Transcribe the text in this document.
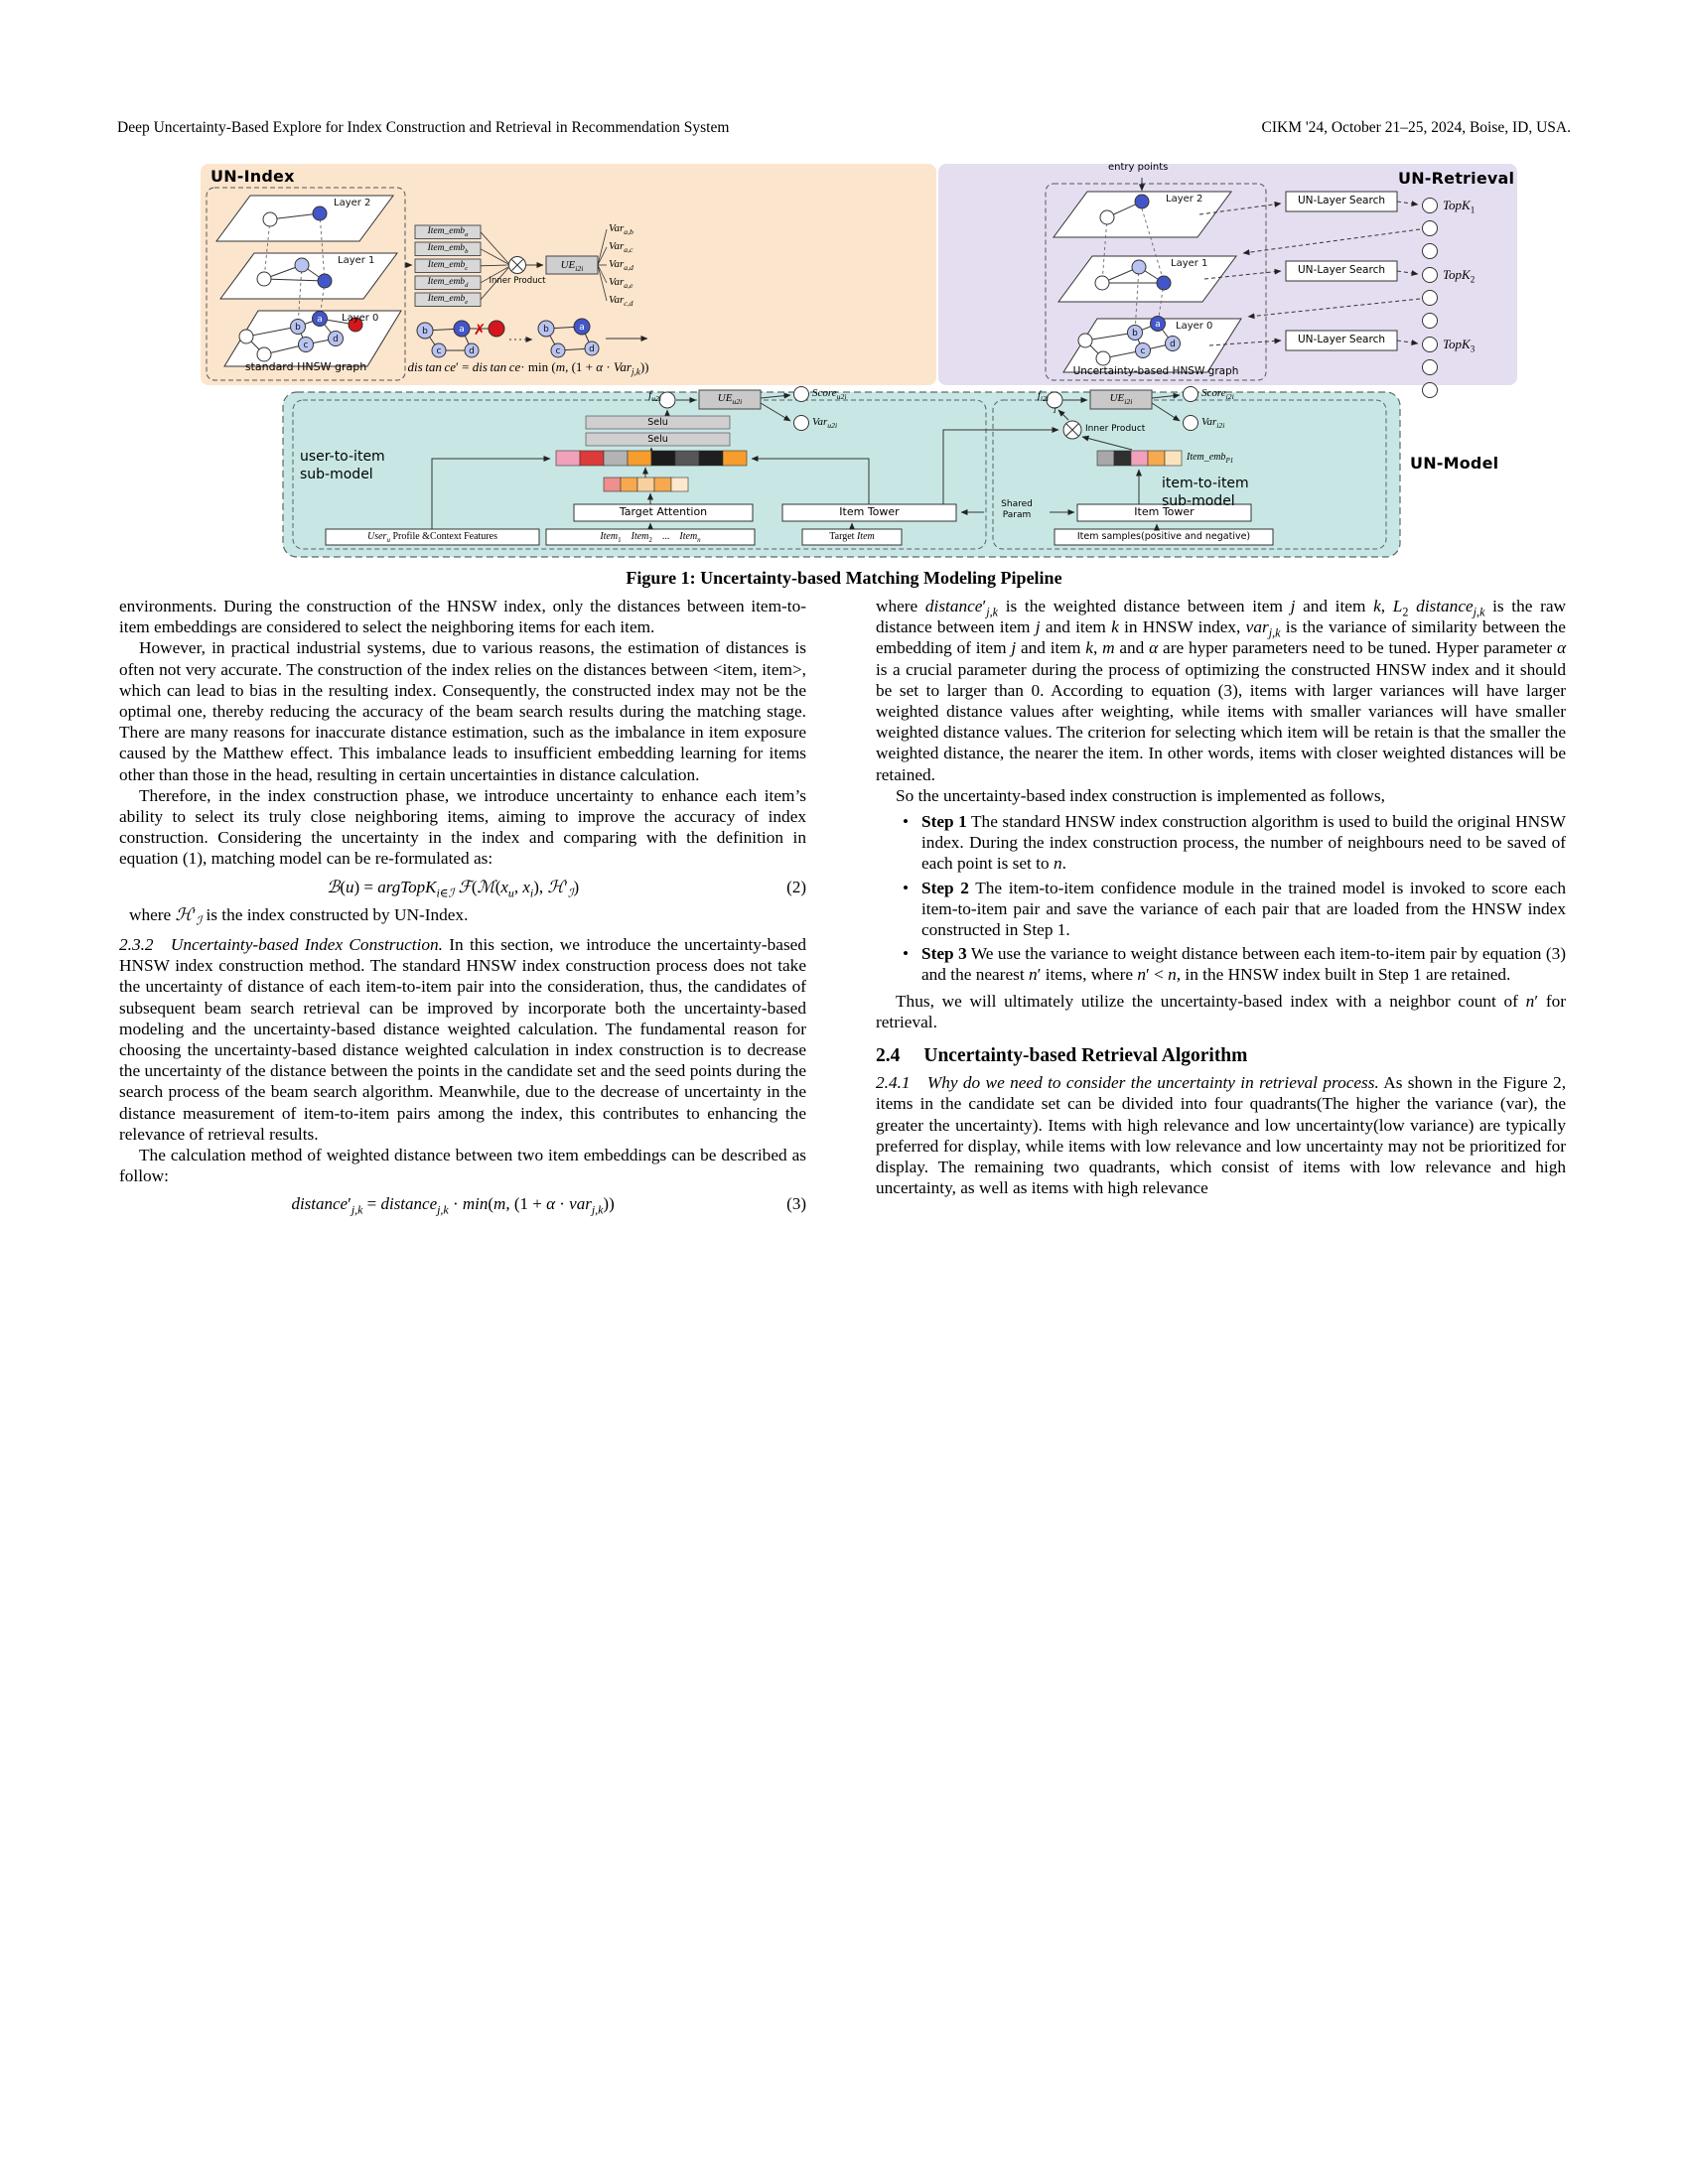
Deep Uncertainty-Based Explore for Index Construction and Retrieval in Recommendation System	CIKM '24, October 21–25, 2024, Boise, ID, USA.
b
a
c
d
b	a
c	d
✗	b	a
c	d
b
a
c
d
UN-Index
Layer 2
Layer 1
Layer 0
standard HNSW graph
Item_emb$_a$
Item_emb$_b$
Item_emb$_c$
Item_emb$_d$
Item_emb$_e$
Inner Product
$UE_{i2i}$
Var$_{a,b}$
Var$_{a,c}$
Var$_{a,d}$
Var$_{a,e}$
Var$_{c,d}$
dis  tan  ce′ = dis  tan  ce· min (m, (1 + α · Var$_{j,k}$))
entry points
UN-Retrieval
Layer 2
Layer 1
Layer 0
UN-Layer Search
UN-Layer Search
UN-Layer Search
TopK$_1$
TopK$_2$
TopK$_3$
Uncertainty-based HNSW graph
user-to-item
sub-model
$f_{u2i}$	$UE_{u2i}$
Score$_{u2i}$
Var$_{u2i}$
Selu
Selu
Target Attention	Item Tower
User$_u$ Profile &Context Features	Item$_1$  Item$_2$ ... Item$_n$	Target Item
$f_{i2i}$	$UE_{i2i}$
Score$_{i2i}$
Var$_{i2i}$
Inner Product
T
Item_emb$_{P1}$
item-to-item
sub-model
Item Tower
Item samples(positive and negative)
Shared
Param
UN-Model
Figure 1: Uncertainty-based Matching Modeling Pipeline

environments. During the construction of the HNSW index, only the distances between item-to-item embeddings are considered to select the neighboring items for each item.

However, in practical industrial systems, due to various reasons, the estimation of distances is often not very accurate. The construction of the index relies on the distances between <item, item>, which can lead to bias in the resulting index. Consequently, the constructed index may not be the optimal one, thereby reducing the accuracy of the beam search results during the matching stage. There are many reasons for inaccurate distance estimation, such as the imbalance in item exposure caused by the Matthew effect. This imbalance leads to insufficient embedding learning for items other than those in the head, resulting in certain uncertainties in distance calculation.

Therefore, in the index construction phase, we introduce uncertainty to enhance each item’s ability to select its truly close neighboring items, aiming to improve the accuracy of index construction. Considering the uncertainty in the index and comparing with the definition in equation (1), matching model can be re-formulated as:

ℬ(u) = argTopK$_{i\in ℐ}$ $ℱ(ℳ(x_u$, $x_i$), $ℋ'_ℐ$)	(2)

where $ℋ'_ℐ$ is the index constructed by UN-Index.

2.3.2 Uncertainty-based Index Construction. In this section, we introduce the uncertainty-based HNSW index construction method. The standard HNSW index construction process does not take the uncertainty of distance of each item-to-item pair into the consideration, thus, the candidates of subsequent beam search retrieval can be improved by incorporate both the uncertainty-based modeling and the uncertainty-based distance weighted calculation. The fundamental reason for choosing the uncertainty-based distance weighted calculation in index construction is to decrease the uncertainty of the distance between the points in the candidate set and the seed points during the search process of the beam search algorithm. Meanwhile, due to the decrease of uncertainty in the distance measurement of item-to-item pairs among the index, this contributes to enhancing the relevance of retrieval results.

The calculation method of weighted distance between two item embeddings can be described as follow:

$distance'_{j,k}$ = distance$_{j,k}$ · min(m, (1 + α · var$_{j,k}$))	(3)

where $distance'_{j,k}$ is the weighted distance between item j and item k, $L_2$ distance$_{j,k}$ is the raw distance between item j and item k in HNSW index, var$_{j,k}$ is the variance of similarity between the embedding of item j and item k, m and α are hyper parameters need to be tuned. Hyper parameter α is a crucial parameter during the process of optimizing the constructed HNSW index and it should be set to larger than 0. According to equation (3), items with larger variances will have larger weighted distance values after weighting, while items with smaller variances will have smaller weighted distance values. The criterion for selecting which item will be retain is that the smaller the weighted distance, the nearer the item. In other words, items with closer weighted distances will be retained.

So the uncertainty-based index construction is implemented as follows,

• Step 1 The standard HNSW index construction algorithm is used to build the original HNSW index. During the index construction process, the number of neighbours need to be saved of each point is set to n.
• Step 2 The item-to-item confidence module in the trained model is invoked to score each item-to-item pair and save the variance of each pair that are loaded from the HNSW index constructed in Step 1.
• Step 3 We use the variance to weight distance between each item-to-item pair by equation (3) and the nearest n′ items, where n′ < n, in the HNSW index built in Step 1 are retained.

Thus, we will ultimately utilize the uncertainty-based index with a neighbor count of n′ for retrieval.

2.4 Uncertainty-based Retrieval Algorithm

2.4.1 Why do we need to consider the uncertainty in retrieval process. As shown in the Figure 2, items in the candidate set can be divided into four quadrants(The higher the variance (var), the greater the uncertainty). Items with high relevance and low uncertainty(low variance) are typically preferred for display, while items with low relevance and low uncertainty may not be prioritized for display. The remaining two quadrants, which consist of items with low relevance and high uncertainty, as well as items with high relevance
